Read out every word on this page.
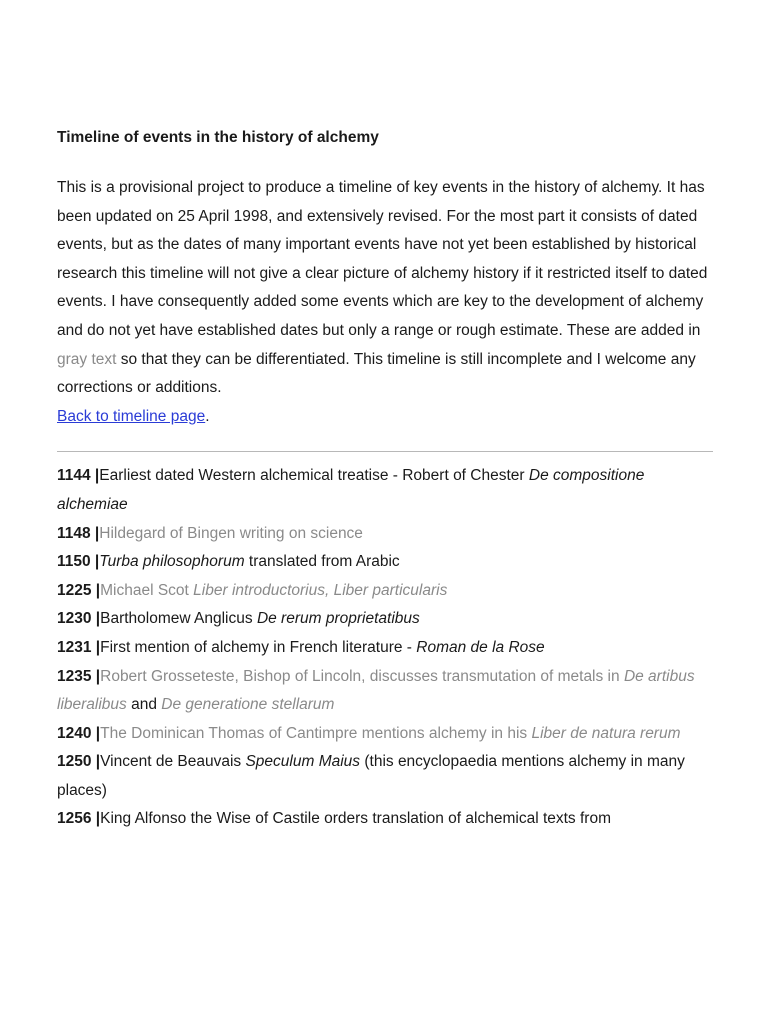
Timeline of events in the history of alchemy

This is a provisional project to produce a timeline of key events in the history of alchemy. It has been updated on 25 April 1998, and extensively revised. For the most part it consists of dated events, but as the dates of many important events have not yet been established by historical research this timeline will not give a clear picture of alchemy history if it restricted itself to dated events. I have consequently added some events which are key to the development of alchemy and do not yet have established dates but only a range or rough estimate. These are added in gray text so that they can be differentiated. This timeline is still incomplete and I welcome any corrections or additions.
Back to timeline page.

1144 |Earliest dated Western alchemical treatise - Robert of Chester De compositione alchemiae
1148 |Hildegard of Bingen writing on science
1150 |Turba philosophorum translated from Arabic
1225 |Michael Scot Liber introductorius, Liber particularis
1230 |Bartholomew Anglicus De rerum proprietatibus
1231 |First mention of alchemy in French literature - Roman de la Rose
1235 |Robert Grosseteste, Bishop of Lincoln, discusses transmutation of metals in De artibus liberalibus and De generatione stellarum
1240 |The Dominican Thomas of Cantimpre mentions alchemy in his Liber de natura rerum
1250 |Vincent de Beauvais Speculum Maius (this encyclopaedia mentions alchemy in many places)
1256 |King Alfonso the Wise of Castile orders translation of alchemical texts from
